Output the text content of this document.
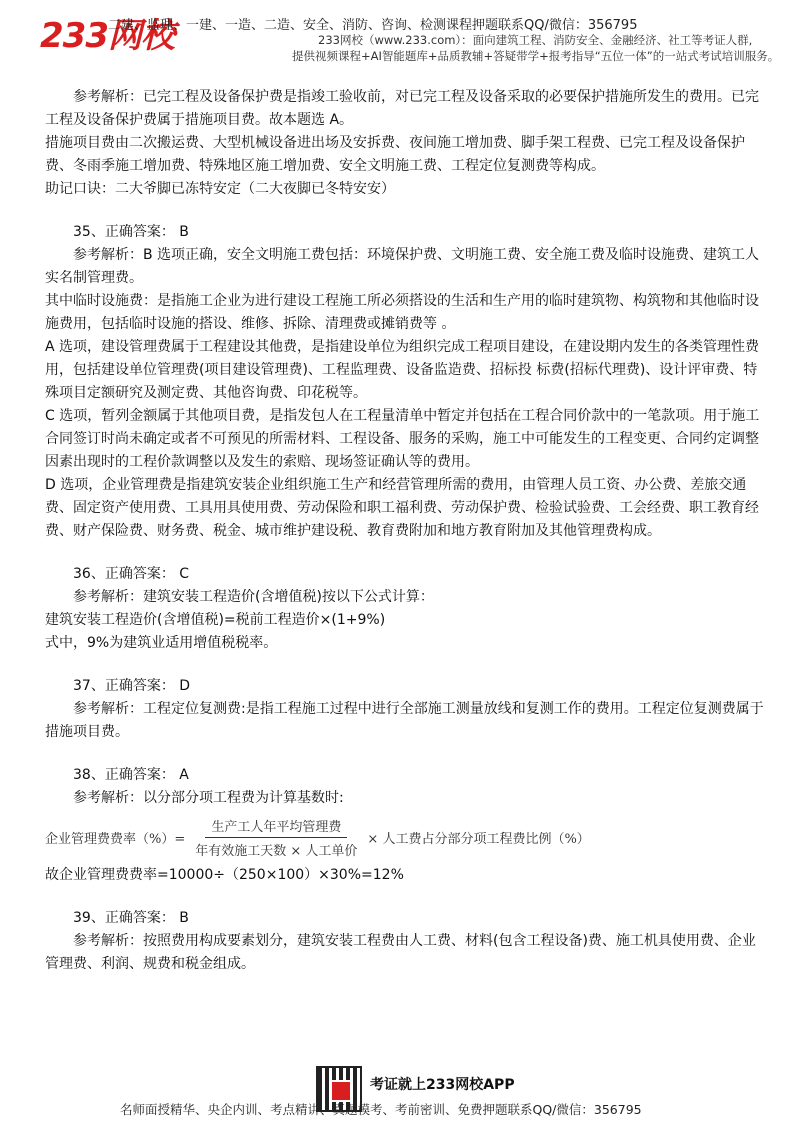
233网校
二建、监理、一建、一造、二造、安全、消防、咨询、检测课程押题联系QQ/微信：356795
233网校（www.233.com）：面向建筑工程、消防安全、金融经济、社工等考证人群,
提供视频课程+AI智能题库+品质教辅+答疑带学+报考指导“五位一体”的一站式考试培训服务。

参考解析：已完工程及设备保护费是指竣工验收前，对已完工程及设备采取的必要保护措施所发生的费用。已完工程及设备保护费属于措施项目费。故本题选 A。

措施项目费由二次搬运费、大型机械设备进出场及安拆费、夜间施工增加费、脚手架工程费、已完工程及设备保护费、冬雨季施工增加费、特殊地区施工增加费、安全文明施工费、工程定位复测费等构成。

助记口诀：二大爷脚已冻特安定（二大夜脚已冬特安安）

35、正确答案： B

参考解析：B 选项正确，安全文明施工费包括：环境保护费、文明施工费、安全施工费及临时设施费、建筑工人实名制管理费。

其中临时设施费：是指施工企业为进行建设工程施工所必须搭设的生活和生产用的临时建筑物、构筑物和其他临时设施费用，包括临时设施的搭设、维修、拆除、清理费或摊销费等 。

A 选项，建设管理费属于工程建设其他费，是指建设单位为组织完成工程项目建设，在建设期内发生的各类管理性费用，包括建设单位管理费(项目建设管理费)、工程监理费、设备监造费、招标投 标费(招标代理费)、设计评审费、特殊项目定额研究及测定费、其他咨询费、印花税等。

C 选项，暂列金额属于其他项目费，是指发包人在工程量清单中暂定并包括在工程合同价款中的一笔款项。用于施工合同签订时尚未确定或者不可预见的所需材料、工程设备、服务的采购，施工中可能发生的工程变更、合同约定调整因素出现时的工程价款调整以及发生的索赔、现场签证确认等的费用。

D 选项，企业管理费是指建筑安装企业组织施工生产和经营管理所需的费用，由管理人员工资、办公费、差旅交通费、固定资产使用费、工具用具使用费、劳动保险和职工福利费、劳动保护费、检验试验费、工会经费、职工教育经费、财产保险费、财务费、税金、城市维护建设税、教育费附加和地方教育附加及其他管理费构成。

36、正确答案： C

参考解析：建筑安装工程造价(含增值税)按以下公式计算：

建筑安装工程造价(含增值税)=税前工程造价×(1+9%)

式中，9%为建筑业适用增值税税率。

37、正确答案： D

参考解析：工程定位复测费:是指工程施工过程中进行全部施工测量放线和复测工作的费用。工程定位复测费属于措施项目费。

38、正确答案： A

参考解析：以分部分项工程费为计算基数时:

企业管理费费率（%）= $\frac{\text{生产工人年平均管理费}}{\text{年有效施工天数 × 人工单价}}$ × 人工费占分部分项工程费比例（%）

故企业管理费费率=10000÷（250×100）×30%=12%

39、正确答案： B

参考解析：按照费用构成要素划分，建筑安装工程费由人工费、材料(包含工程设备)费、施工机具使用费、企业管理费、利润、规费和税金组成。

考证就上233网校APP
名师面授精华、央企内训、考点精讲、真题模考、考前密训、免费押题联系QQ/微信：356795
